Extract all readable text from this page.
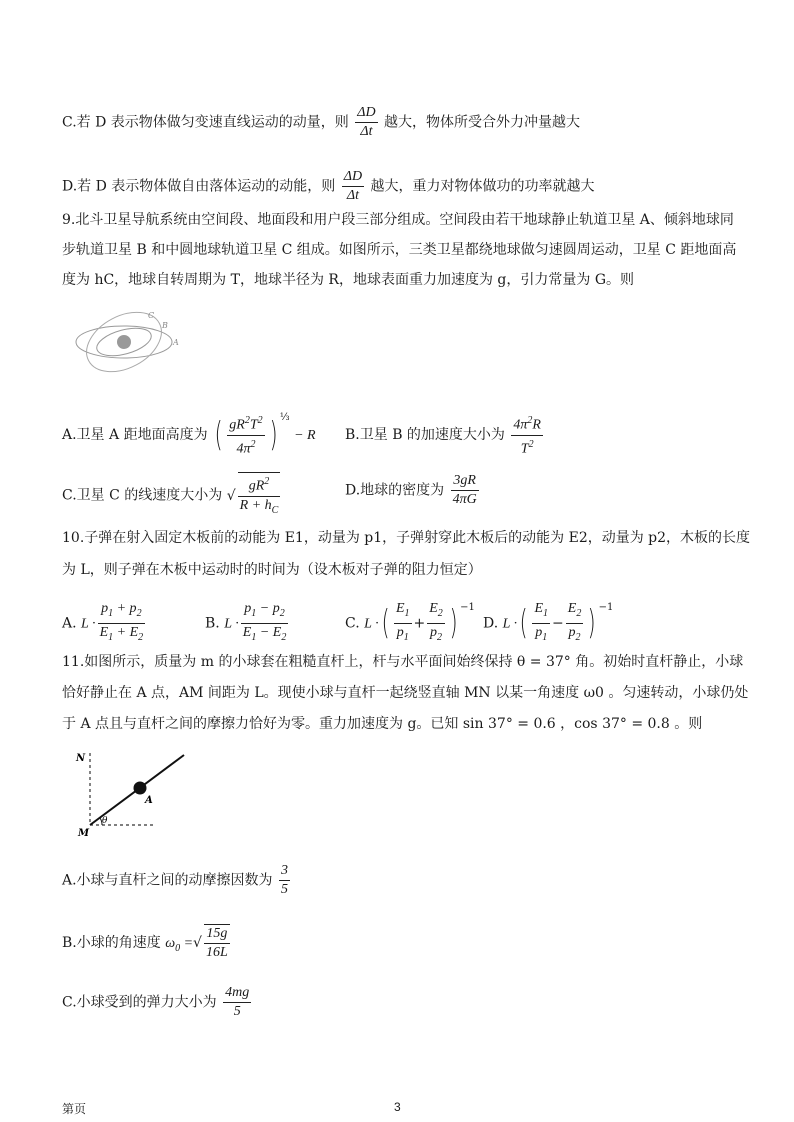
C.若 D 表示物体做匀变速直线运动的动量，则 $\frac{\Delta D}{\Delta t}$ 越大，物体所受合外力冲量越大
D.若 D 表示物体做自由落体运动的动能，则 $\frac{\Delta D}{\Delta t}$ 越大，重力对物体做功的功率就越大
9.北斗卫星导航系统由空间段、地面段和用户段三部分组成。空间段由若干地球静止轨道卫星 A、倾斜地球同
步轨道卫星 B 和中圆地球轨道卫星 C 组成。如图所示，三类卫星都绕地球做匀速圆周运动，卫星 C 距地面高
度为 hC，地球自转周期为 T，地球半径为 R，地球表面重力加速度为 g，引力常量为 G。则
C
B
A
A.卫星 A 距地面高度为 ( $\frac{gR^2T^2}{4\pi^2}$ ) $^{\frac{1}{3}}$ − R B.卫星 B 的加速度大小为 $\frac{4\pi^2R}{T^2}$
C.卫星 C 的线速度大小为 √ $\frac{gR^2}{R + h_C}$	D.地球的密度为 $\frac{3gR}{4\pi G}$
10.子弹在射入固定木板前的动能为 E1，动量为 p1，子弹射穿此木板后的动能为 E2，动量为 p2，木板的长度
为 L，则子弹在木板中运动时的时间为（设木板对子弹的阻力恒定）
A. $L \cdot \frac{p_1 + p_2}{E_1 + E_2}$	B. $L \cdot \frac{p_1 - p_2}{E_1 - E_2}$	C. L ·( $\frac{E_1}{p_1} + \frac{E_2}{p_2}$ ) $^{-1}$
D. L ·( $\frac{E_1}{p_1} - \frac{E_2}{p_2}$ ) $^{-1}$
11.如图所示，质量为 m 的小球套在粗糙直杆上，杆与水平面间始终保持 θ = 37° 角。初始时直杆静止，小球
恰好静止在 A 点，AM 间距为 L。现使小球与直杆一起绕竖直轴 MN 以某一角速度 ω0 。匀速转动，小球仍处
于 A 点且与直杆之间的摩擦力恰好为零。重力加速度为 g。已知 sin 37° = 0.6 ，cos 37° = 0.8 。则
N
A
M
θ
A.小球与直杆之间的动摩擦因数为 $\frac{3}{5}$
B.小球的角速度 $\omega_0$ =√ $\frac{15g}{16L}$
C.小球受到的弹力大小为 $\frac{4mg}{5}$
第页	3
